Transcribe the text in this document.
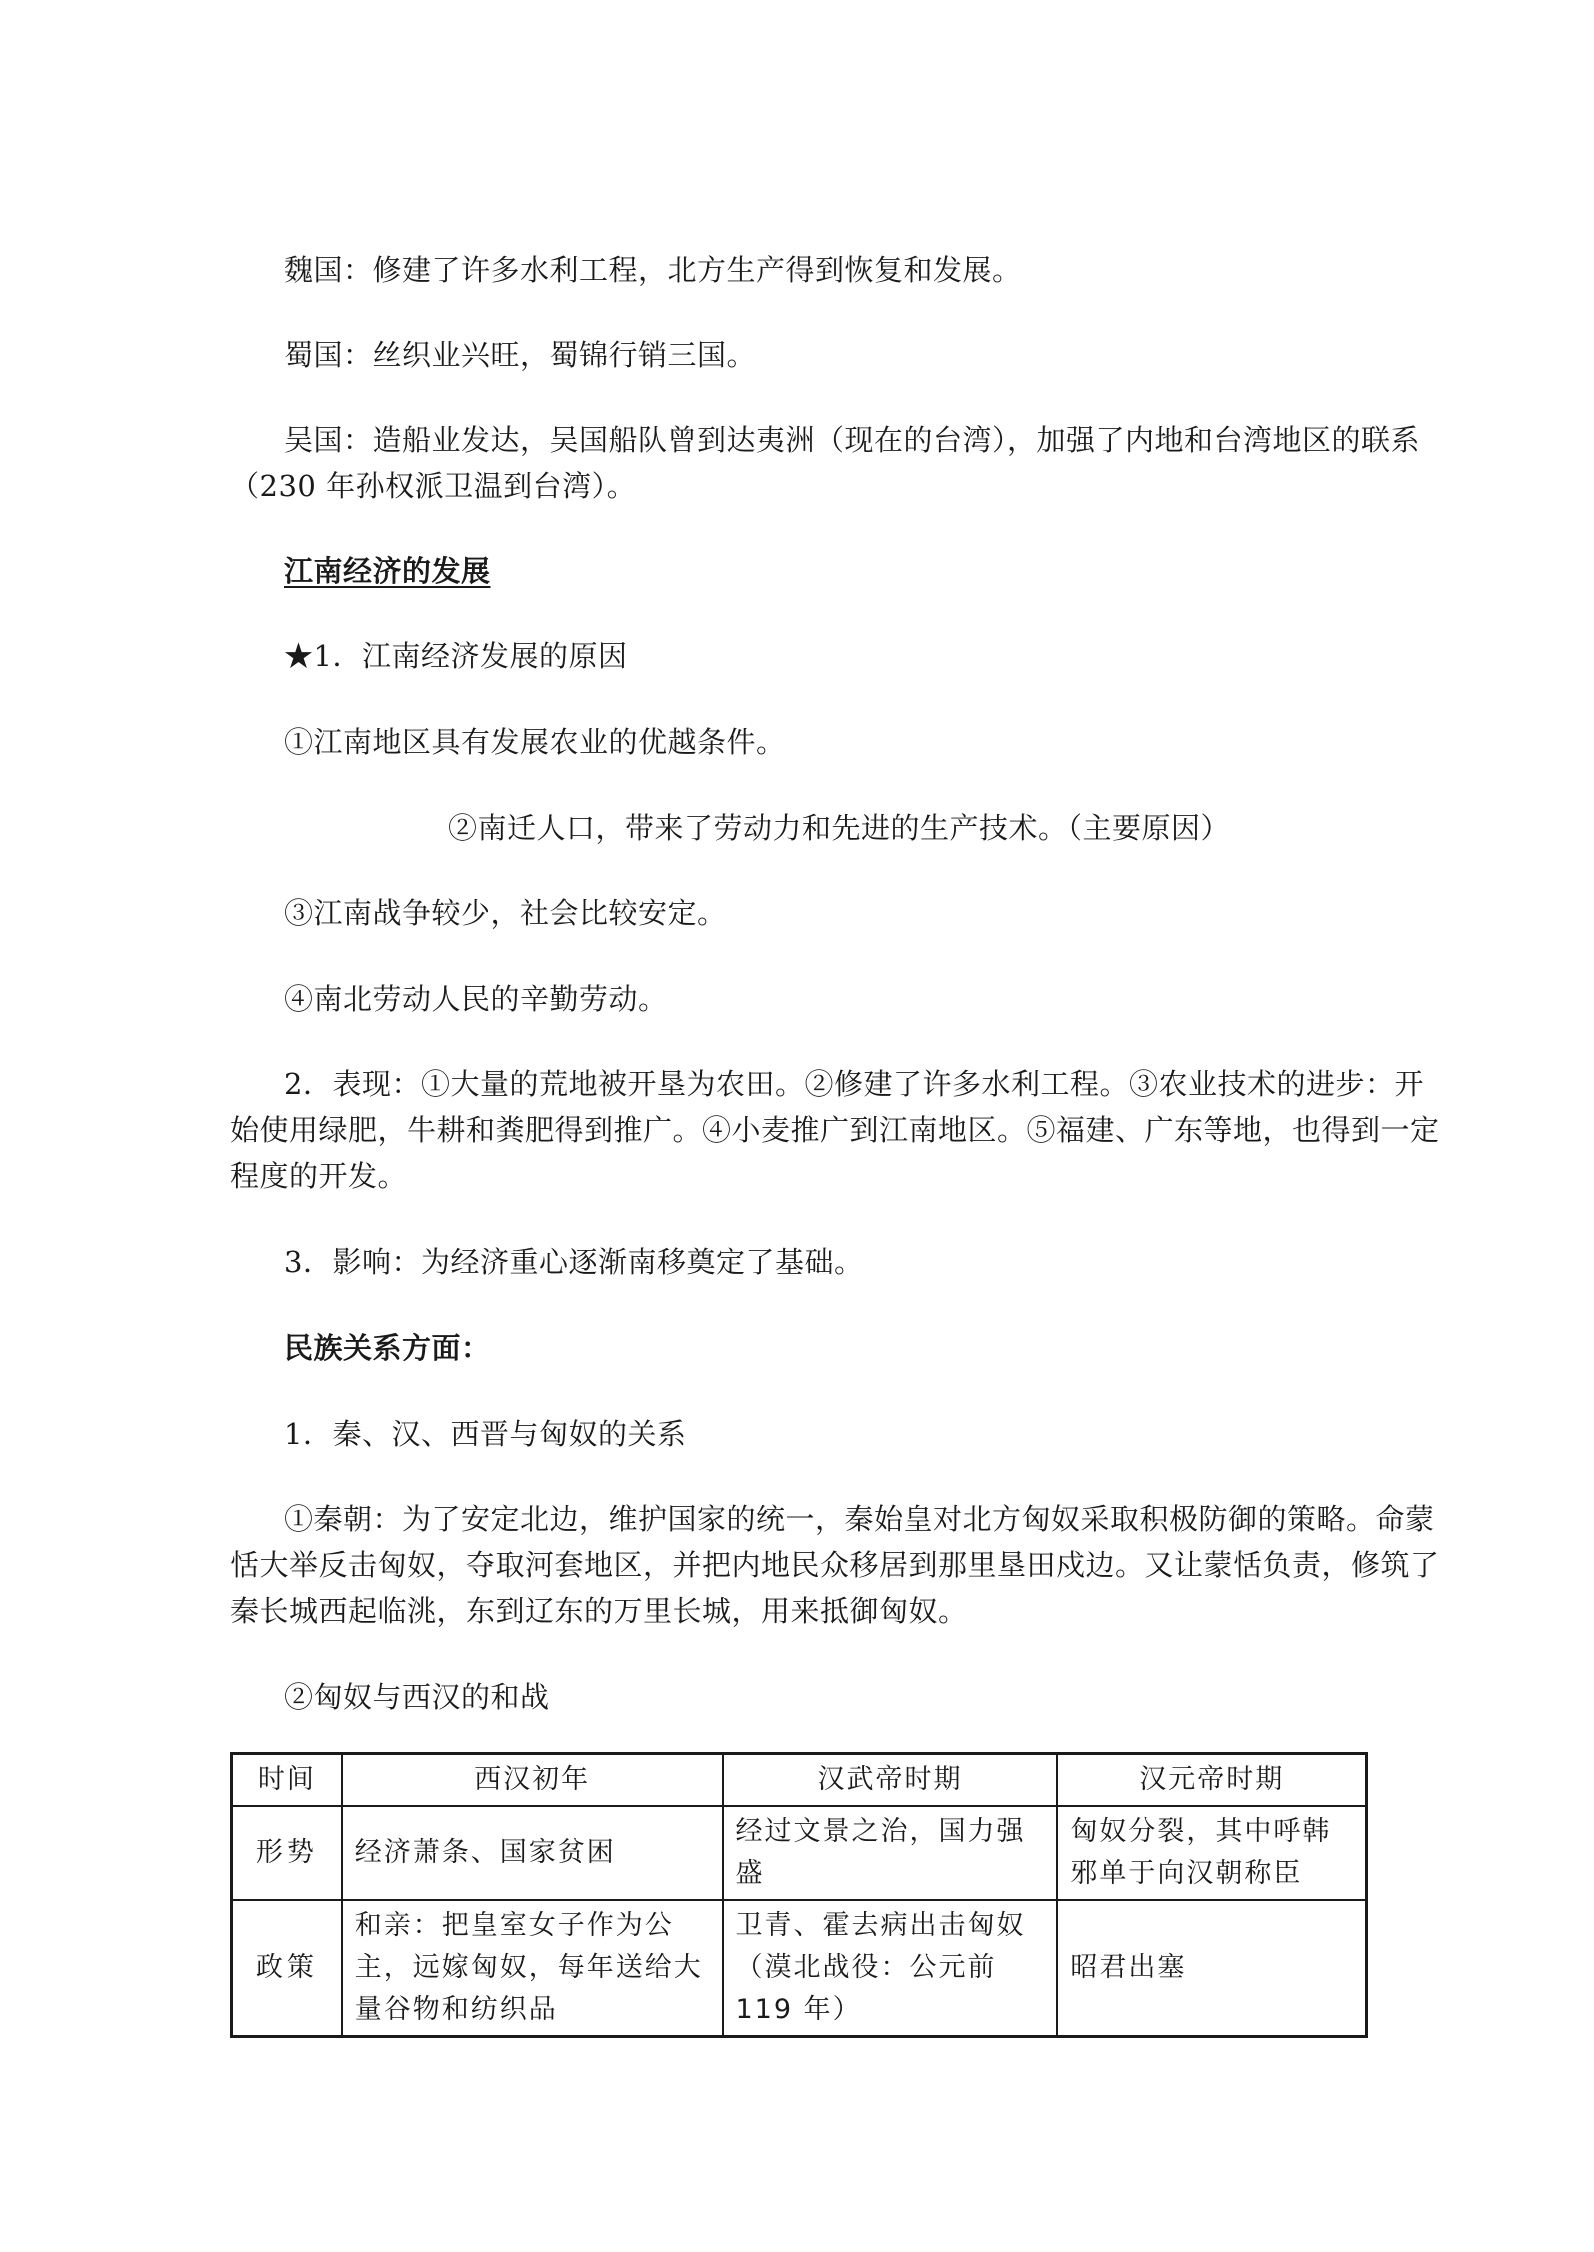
魏国：修建了许多水利工程，北方生产得到恢复和发展。
蜀国：丝织业兴旺，蜀锦行销三国。
吴国：造船业发达，吴国船队曾到达夷洲（现在的台湾），加强了内地和台湾地区的联系
（230 年孙权派卫温到台湾）。
江南经济的发展
★1．江南经济发展的原因
①江南地区具有发展农业的优越条件。
②南迁人口，带来了劳动力和先进的生产技术。（主要原因）
③江南战争较少，社会比较安定。
④南北劳动人民的辛勤劳动。
2．表现：①大量的荒地被开垦为农田。②修建了许多水利工程。③农业技术的进步：开
始使用绿肥，牛耕和粪肥得到推广。④小麦推广到江南地区。⑤福建、广东等地，也得到一定
程度的开发。
3．影响：为经济重心逐渐南移奠定了基础。
民族关系方面：
1．秦、汉、西晋与匈奴的关系
①秦朝：为了安定北边，维护国家的统一，秦始皇对北方匈奴采取积极防御的策略。命蒙
恬大举反击匈奴，夺取河套地区，并把内地民众移居到那里垦田戍边。又让蒙恬负责，修筑了
秦长城西起临洮，东到辽东的万里长城，用来抵御匈奴。
②匈奴与西汉的和战
时间	西汉初年	汉武帝时期	汉元帝时期
形势	经济萧条、国家贫困	经过文景之治，国力强盛	匈奴分裂，其中呼韩邪单于向汉朝称臣
政策	和亲：把皇室女子作为公主，远嫁匈奴，每年送给大量谷物和纺织品	卫青、霍去病出击匈奴（漠北战役：公元前 119 年）	昭君出塞
